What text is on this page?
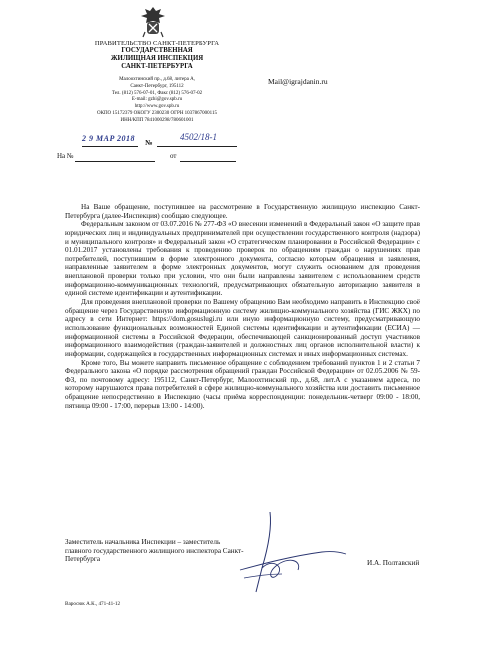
ПРАВИТЕЛЬСТВО САНКТ-ПЕТЕРБУРГА
ГОСУДАРСТВЕННАЯ
ЖИЛИЩНАЯ ИНСПЕКЦИЯ
САНКТ-ПЕТЕРБУРГА
Малоохтинский пр., д.68, литера А,
Санкт-Петербург, 195112
Тел. (812) 576-07-01, Факс (812) 576-07-02
E-mail: gzhi@gov.spb.ru
http://www.gov.spb.ru
ОКПО 15172379 ОКОГУ 2300230 ОГРН 1037867000115
ИНН/КПП 7841000298/780601001
Mail@igrajdanin.ru
2 9 MAP 2018 №
4502/18-1
На №	от

На Ваше обращение, поступившее на рассмотрение в Государственную жилищную инспекцию Санкт-Петербурга (далее-Инспекция) сообщаю следующее.

Федеральным законом от 03.07.2016 № 277-ФЗ «О внесении изменений в Федеральный закон «О защите прав юридических лиц и индивидуальных предпринимателей при осуществлении государственного контроля (надзора) и муниципального контроля» и Федеральный закон «О стратегическом планировании в Российской Федерации» с 01.01.2017 установлены требования к проведению проверок по обращениям граждан о нарушениях прав потребителей, поступившим в форме электронного документа, согласно которым обращения и заявления, направленные заявителем в форме электронных документов, могут служить основанием для проведения внеплановой проверки только при условии, что они были направлены заявителем с использованием средств информационно-коммуникационных технологий, предусматривающих обязательную авторизацию заявителя в единой системе идентификации и аутентификации.

Для проведения внеплановой проверки по Вашему обращению Вам необходимо направить в Инспекцию своё обращение через Государственную информационную систему жилищно-коммунального хозяйства (ГИС ЖКХ) по адресу в сети Интернет: https://dom.gosuslugi.ru или иную информационную систему, предусматривающую использование функциональных возможностей Единой системы идентификации и аутентификации (ЕСИА) — информационной системы в Российской Федерации, обеспечивающей санкционированный доступ участников информационного взаимодействия (граждан-заявителей и должностных лиц органов исполнительной власти) к информации, содержащейся в государственных информационных системах и иных информационных системах.

Кроме того, Вы можете направить письменное обращение с соблюдением требований пунктов 1 и 2 статьи 7 Федерального закона «О порядке рассмотрения обращений граждан Российской Федерации» от 02.05.2006 № 59-ФЗ, по почтовому адресу: 195112, Санкт-Петербург, Малоохтинский пр., д.68, лит.А с указанием адреса, по которому нарушаются права потребителей в сфере жилищно-коммунального хозяйства или доставить письменное обращение непосредственно в Инспекцию (часы приёма корреспонденции: понедельник-четверг 09:00 - 18:00, пятница 09:00 - 17:00, перерыв 13:00 - 14:00).

Заместитель начальника Инспекции – заместитель главного государственного жилищного инспектора Санкт-Петербурга	И.А. Полтавский
Варосюк А.К., 471-41-12
